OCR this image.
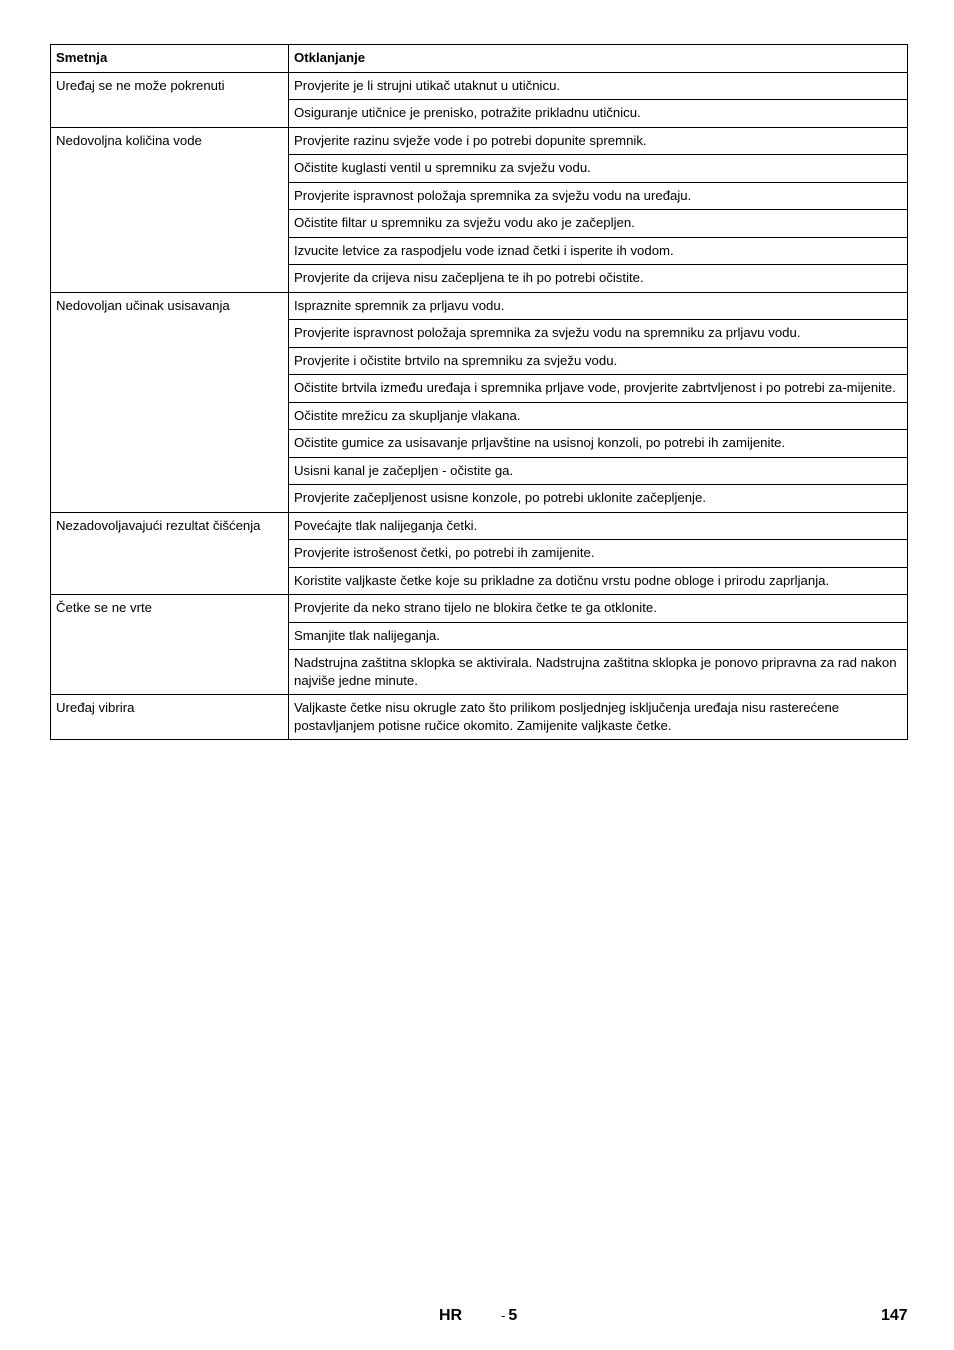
Smetnja	Otklanjanje
Uređaj se ne može pokrenuti	Provjerite je li strujni utikač utaknut u utičnicu.
	Osiguranje utičnice je prenisko, potražite prikladnu utičnicu.
Nedovoljna količina vode	Provjerite razinu svježe vode i po potrebi dopunite spremnik.
	Očistite kuglasti ventil u spremniku za svježu vodu.
	Provjerite ispravnost položaja spremnika za svježu vodu na uređaju.
	Očistite filtar u spremniku za svježu vodu ako je začepljen.
	Izvucite letvice za raspodjelu vode iznad četki i isperite ih vodom.
	Provjerite da crijeva nisu začepljena te ih po potrebi očistite.
Nedovoljan učinak usisavanja	Ispraznite spremnik za prljavu vodu.
	Provjerite ispravnost položaja spremnika za svježu vodu na spremniku za prljavu vodu.
	Provjerite i očistite brtvilo na spremniku za svježu vodu.
	Očistite brtvila između uređaja i spremnika prljave vode, provjerite zabrtvljenost i po potrebi za-mijenite.
	Očistite mrežicu za skupljanje vlakana.
	Očistite gumice za usisavanje prljavštine na usisnoj konzoli, po potrebi ih zamijenite.
	Usisni kanal je začepljen - očistite ga.
	Provjerite začepljenost usisne konzole, po potrebi uklonite začepljenje.
Nezadovoljavajući rezultat čišćenja	Povećajte tlak nalijeganja četki.
	Provjerite istrošenost četki, po potrebi ih zamijenite.
	Koristite valjkaste četke koje su prikladne za dotičnu vrstu podne obloge i prirodu zaprljanja.
Četke se ne vrte	Provjerite da neko strano tijelo ne blokira četke te ga otklonite.
	Smanjite tlak nalijeganja.
	Nadstrujna zaštitna sklopka se aktivirala. Nadstrujna zaštitna sklopka je ponovo pripravna za rad nakon najviše jedne minute.
Uređaj vibrira	Valjkaste četke nisu okrugle zato što prilikom posljednjeg isključenja uređaja nisu rasterećene postavljanjem potisne ručice okomito. Zamijenite valjkaste četke.
HR	- 5	147
